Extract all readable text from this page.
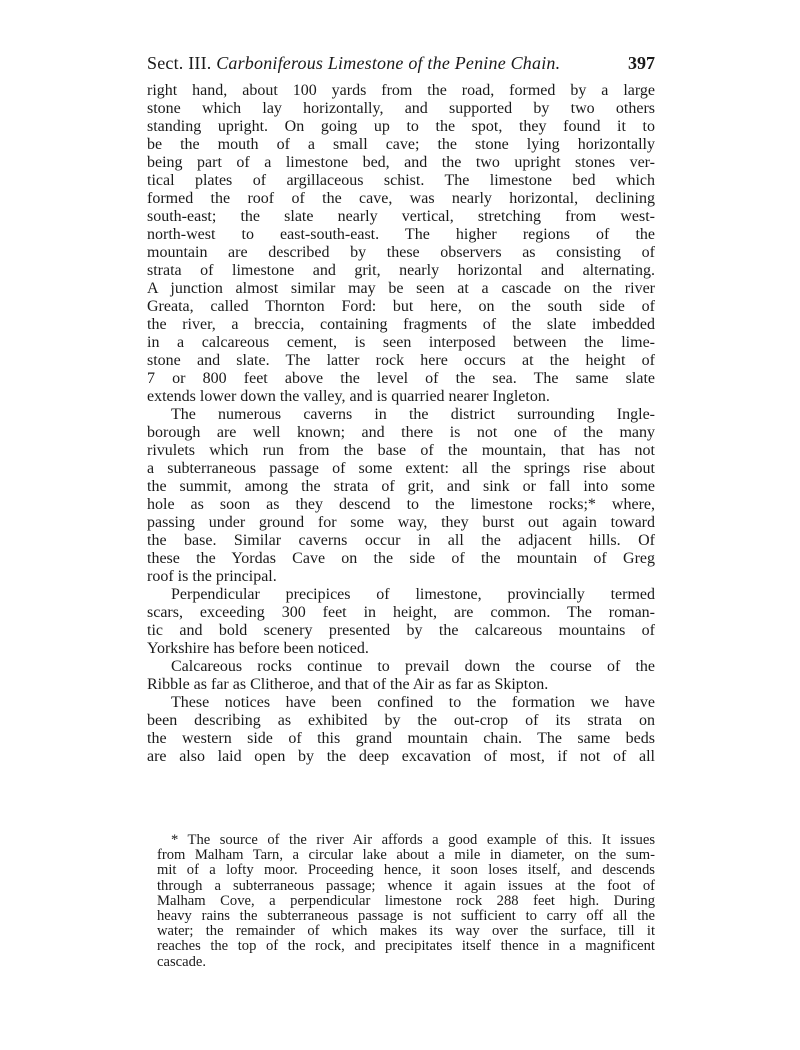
Sect. III. Carboniferous Limestone of the Penine Chain.	397
right hand, about 100 yards from the road, formed by a large
stone which lay horizontally, and supported by two others
standing upright. On going up to the spot, they found it to
be the mouth of a small cave; the stone lying horizontally
being part of a limestone bed, and the two upright stones ver-
tical plates of argillaceous schist. The limestone bed which
formed the roof of the cave, was nearly horizontal, declining
south-east; the slate nearly vertical, stretching from west-
north-west to east-south-east. The higher regions of the
mountain are described by these observers as consisting of
strata of limestone and grit, nearly horizontal and alternating.
A junction almost similar may be seen at a cascade on the river
Greata, called Thornton Ford: but here, on the south side of
the river, a breccia, containing fragments of the slate imbedded
in a calcareous cement, is seen interposed between the lime-
stone and slate. The latter rock here occurs at the height of
7 or 800 feet above the level of the sea. The same slate
extends lower down the valley, and is quarried nearer Ingleton.
The numerous caverns in the district surrounding Ingle-
borough are well known; and there is not one of the many
rivulets which run from the base of the mountain, that has not
a subterraneous passage of some extent: all the springs rise about
the summit, among the strata of grit, and sink or fall into some
hole as soon as they descend to the limestone rocks;* where,
passing under ground for some way, they burst out again toward
the base. Similar caverns occur in all the adjacent hills. Of
these the Yordas Cave on the side of the mountain of Greg
roof is the principal.
Perpendicular precipices of limestone, provincially termed
scars, exceeding 300 feet in height, are common. The roman-
tic and bold scenery presented by the calcareous mountains of
Yorkshire has before been noticed.
Calcareous rocks continue to prevail down the course of the
Ribble as far as Clitheroe, and that of the Air as far as Skipton.
These notices have been confined to the formation we have
been describing as exhibited by the out-crop of its strata on
the western side of this grand mountain chain. The same beds
are also laid open by the deep excavation of most, if not of all
* The source of the river Air affords a good example of this. It issues
from Malham Tarn, a circular lake about a mile in diameter, on the sum-
mit of a lofty moor. Proceeding hence, it soon loses itself, and descends
through a subterraneous passage; whence it again issues at the foot of
Malham Cove, a perpendicular limestone rock 288 feet high. During
heavy rains the subterraneous passage is not sufficient to carry off all the
water; the remainder of which makes its way over the surface, till it
reaches the top of the rock, and precipitates itself thence in a magnificent
cascade.
